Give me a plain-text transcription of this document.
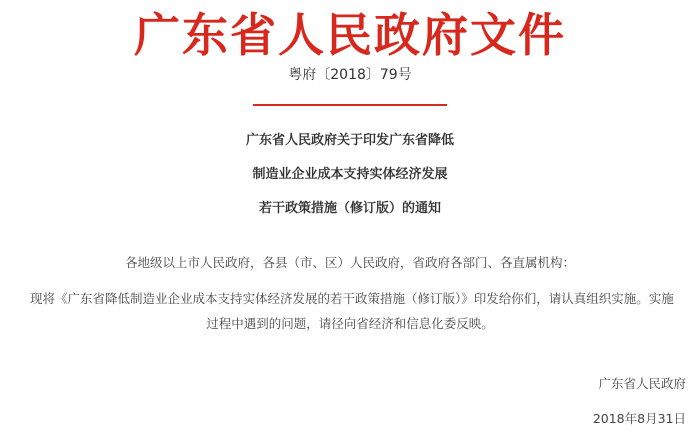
广东省人民政府文件
粤府〔2018〕79号
广东省人民政府关于印发广东省降低
制造业企业成本支持实体经济发展
若干政策措施（修订版）的通知
各地级以上市人民政府，各县（市、区）人民政府，省政府各部门、各直属机构：
现将《广东省降低制造业企业成本支持实体经济发展的若干政策措施（修订版）》印发给你们，请认真组织实施。实施
过程中遇到的问题，请径向省经济和信息化委反映。
广东省人民政府
2018年8月31日
